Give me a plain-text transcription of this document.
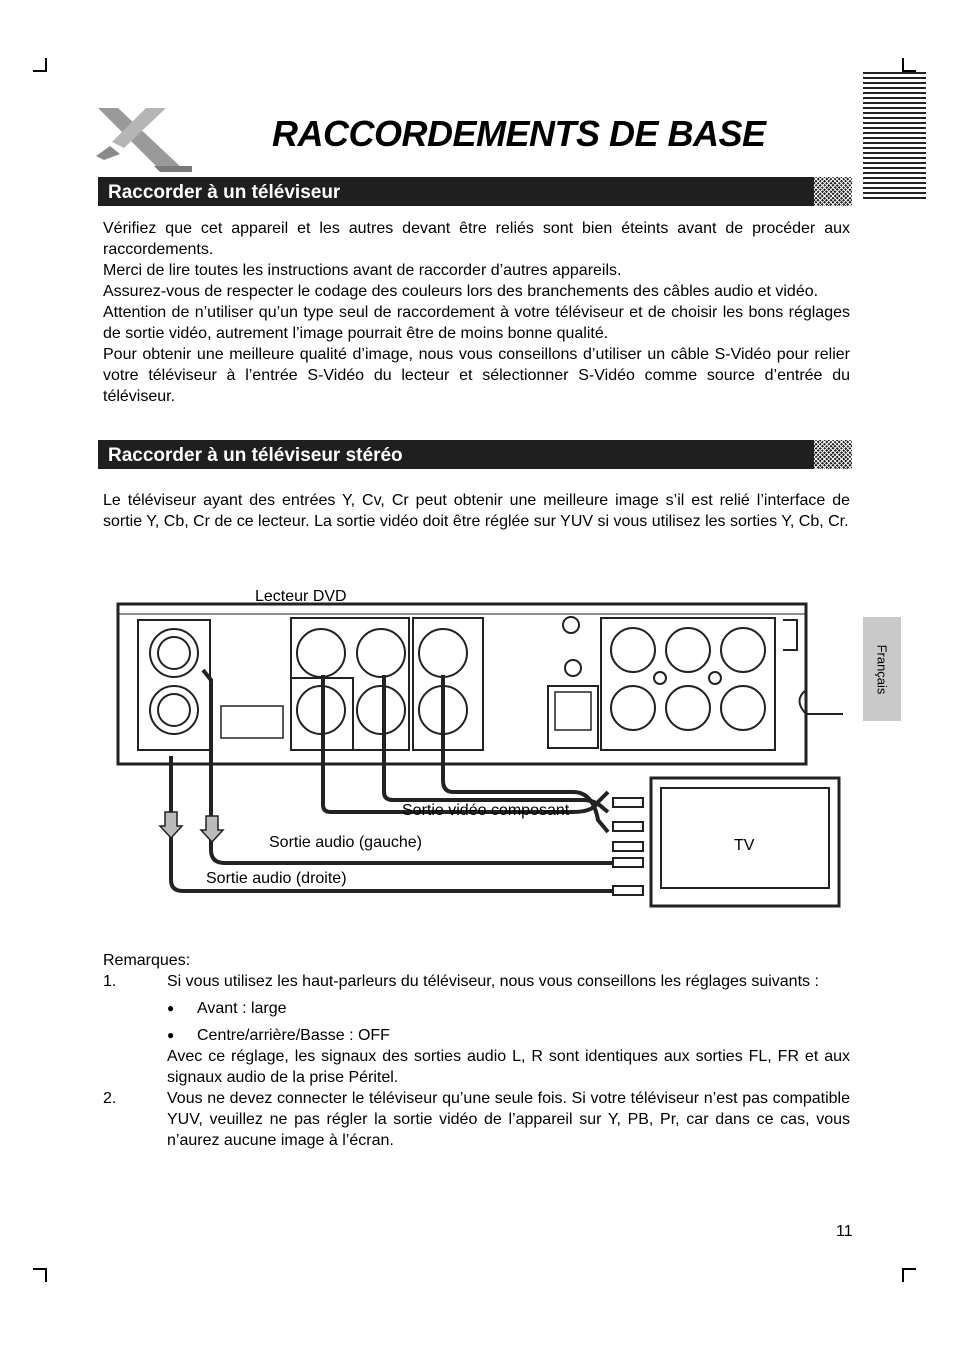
RACCORDEMENTS DE BASE
Raccorder à un téléviseur

Vérifiez que cet appareil et les autres devant être reliés sont bien éteints avant de procéder aux raccordements.

Merci de lire toutes les instructions avant de raccorder d’autres appareils.

Assurez-vous de respecter le codage des couleurs lors des branchements des câbles audio et vidéo.

Attention de n’utiliser qu’un type seul de raccordement à votre téléviseur et de choisir les bons réglages de sortie vidéo, autrement l’image pourrait être de moins bonne qualité.

Pour obtenir une meilleure qualité d’image, nous vous conseillons d’utiliser un câble S-Vidéo pour relier votre téléviseur à l’entrée S-Vidéo du lecteur et sélectionner S-Vidéo comme source d’entrée du téléviseur.

Raccorder à un téléviseur stéréo

Le téléviseur ayant des entrées Y, Cv, Cr peut obtenir une meilleure image s’il est relié l’interface de sortie Y, Cb, Cr de ce lecteur. La sortie vidéo doit être réglée sur YUV si vous utilisez les sorties Y, Cb, Cr.

Français
Lecteur DVD
Sortie vidéo composant
Sortie audio (gauche)
Sortie audio (droite)
TV

Remarques:

1.	Si vous utilisez les haut-parleurs du téléviseur, nous vous conseillons les réglages suivants :
● Avant : large
● Centre/arrière/Basse : OFF
Avec ce réglage, les signaux des sorties audio L, R sont identiques aux sorties FL, FR et aux signaux audio de la prise Péritel.
2.	Vous ne devez connecter le téléviseur qu’une seule fois. Si votre téléviseur n’est pas compatible YUV, veuillez ne pas régler la sortie vidéo de l’appareil sur Y, PB, Pr, car dans ce cas, vous n’aurez aucune image à l’écran.
11
